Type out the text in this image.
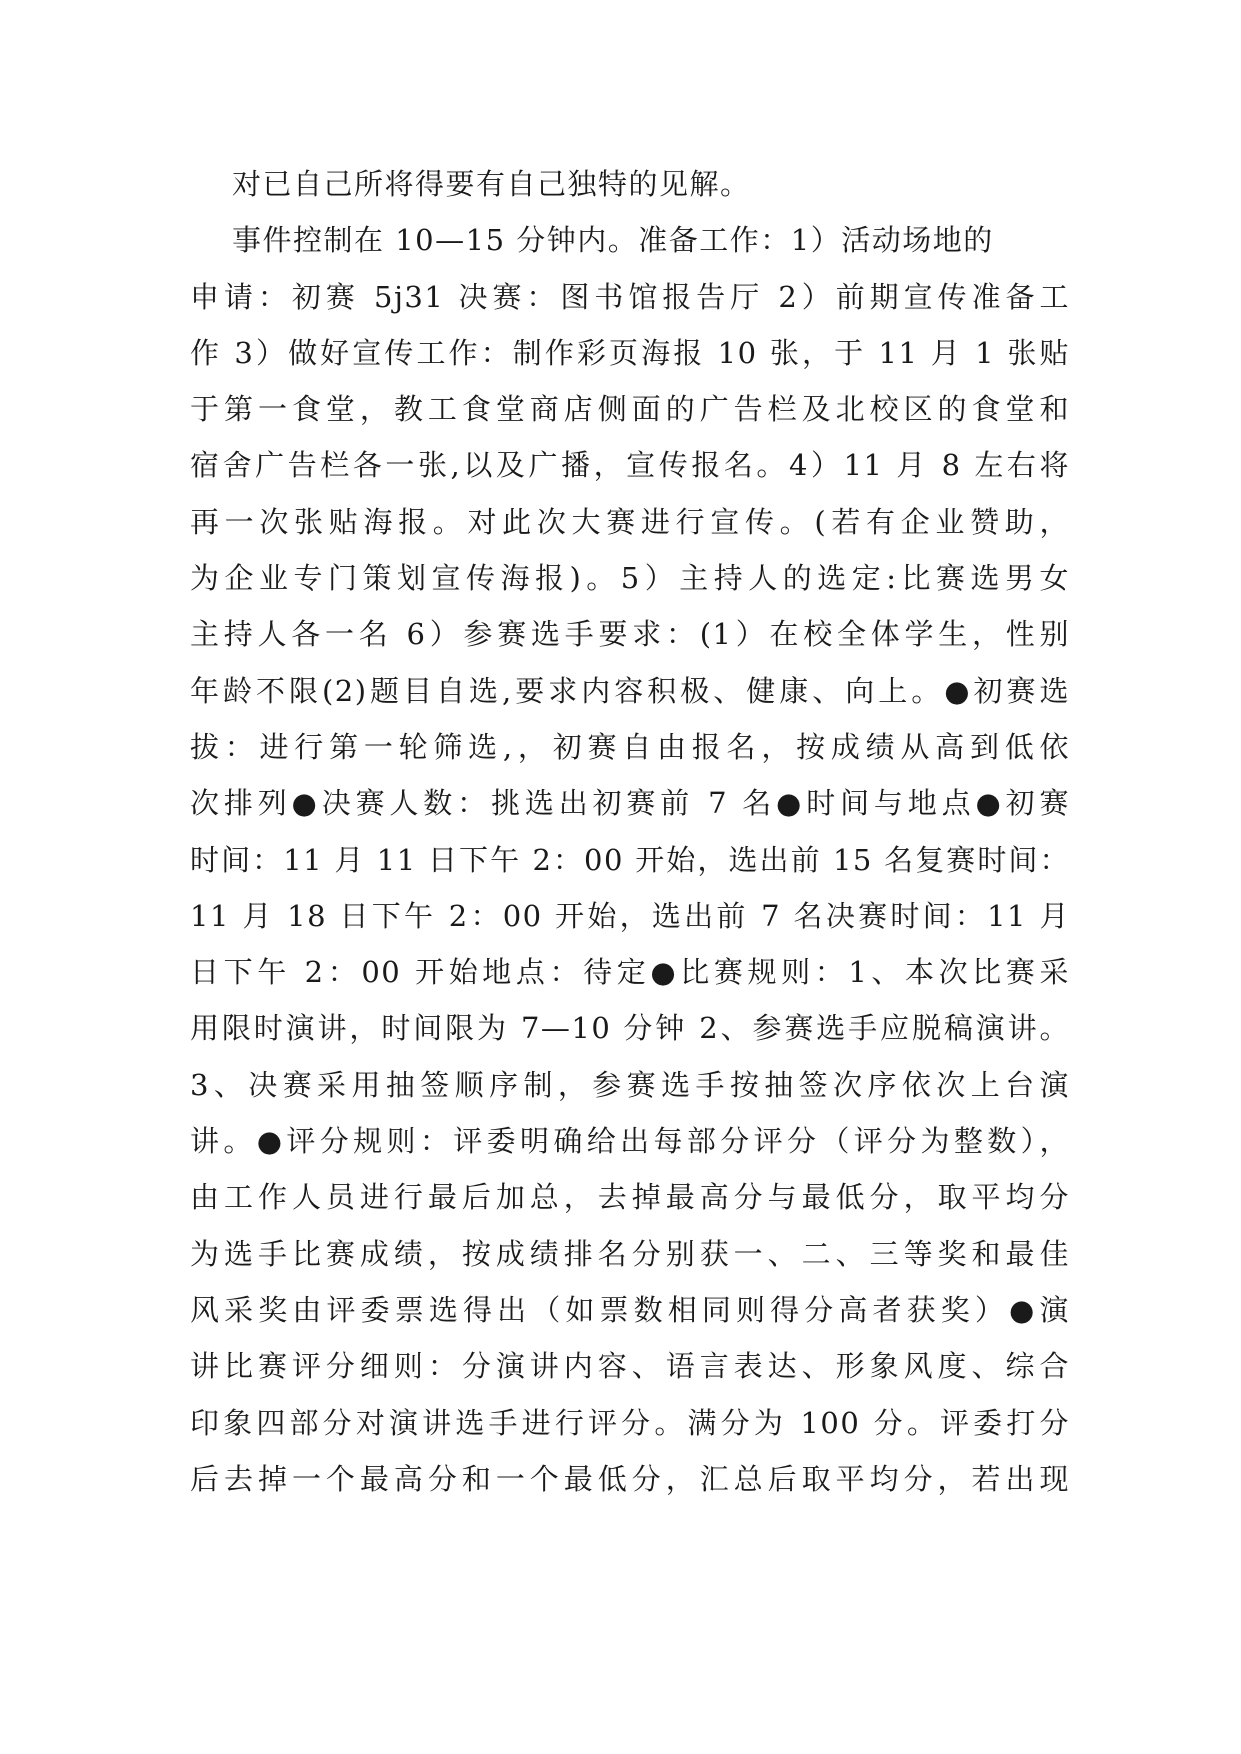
对已自己所将得要有自己独特的见解。
事件控制在 10—15 分钟内。准备工作：1）活动场地的
申请：初赛 5j31 决赛：图书馆报告厅 2）前期宣传准备工
作 3）做好宣传工作：制作彩页海报 10 张，于 11 月 1 张贴
于第一食堂，教工食堂商店侧面的广告栏及北校区的食堂和
宿舍广告栏各一张,以及广播，宣传报名。4）11 月 8 左右将
再一次张贴海报。对此次大赛进行宣传。(若有企业赞助，
为企业专门策划宣传海报)。5）主持人的选定:比赛选男女
主持人各一名 6）参赛选手要求：(1）在校全体学生，性别
年龄不限(2)题目自选,要求内容积极、健康、向上。●初赛选
拔：进行第一轮筛选,，初赛自由报名，按成绩从高到低依
次排列●决赛人数：挑选出初赛前 7 名●时间与地点●初赛
时间：11 月 11 日下午 2：00 开始，选出前 15 名复赛时间：
11 月 18 日下午 2：00 开始，选出前 7 名决赛时间：11 月
日下午 2：00 开始地点：待定●比赛规则：1、本次比赛采
用限时演讲，时间限为 7—10 分钟 2、参赛选手应脱稿演讲。
3、决赛采用抽签顺序制，参赛选手按抽签次序依次上台演
讲。●评分规则：评委明确给出每部分评分（评分为整数），
由工作人员进行最后加总，去掉最高分与最低分，取平均分
为选手比赛成绩，按成绩排名分别获一、二、三等奖和最佳
风采奖由评委票选得出（如票数相同则得分高者获奖）●演
讲比赛评分细则：分演讲内容、语言表达、形象风度、综合
印象四部分对演讲选手进行评分。满分为 100 分。评委打分
后去掉一个最高分和一个最低分，汇总后取平均分，若出现
